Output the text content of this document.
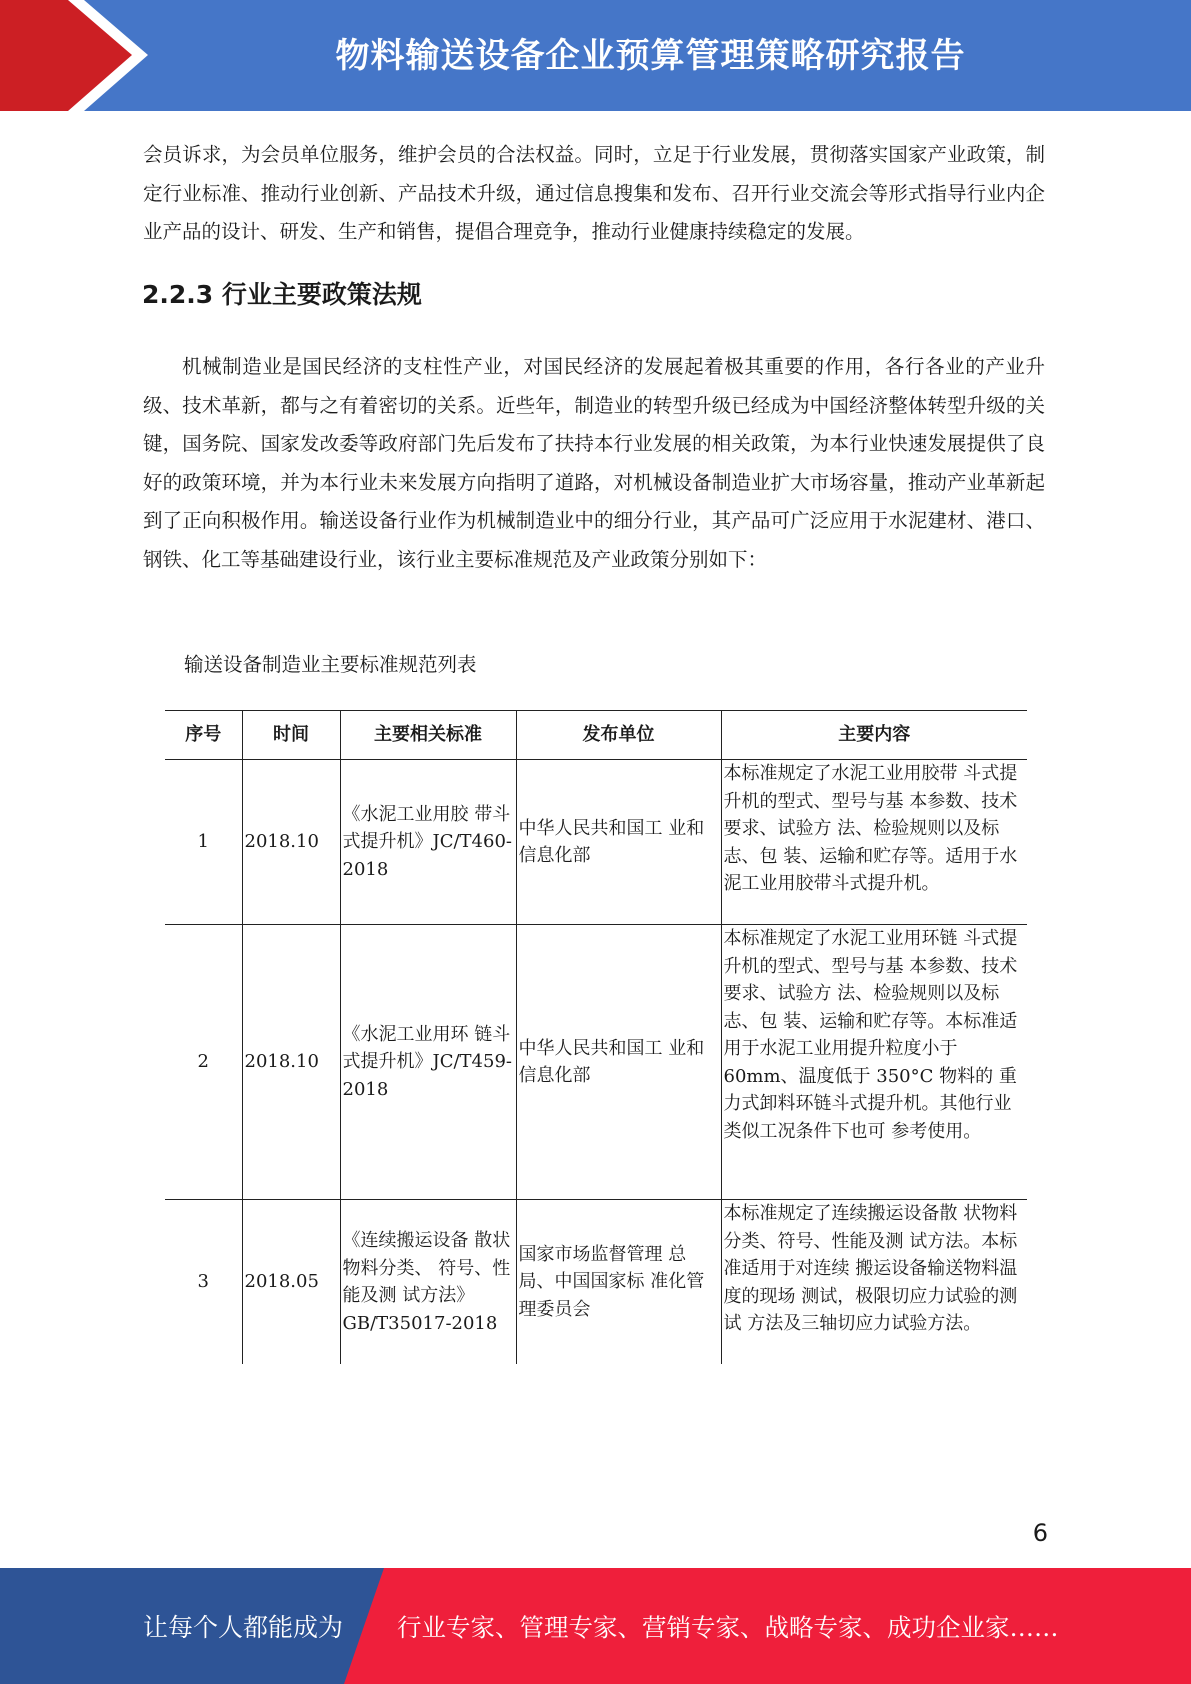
物料输送设备企业预算管理策略研究报告

会员诉求，为会员单位服务，维护会员的合法权益。同时，立足于行业发展，贯彻落实国家产业政策，制定行业标准、推动行业创新、产品技术升级，通过信息搜集和发布、召开行业交流会等形式指导行业内企业产品的设计、研发、生产和销售，提倡合理竞争，推动行业健康持续稳定的发展。

2.2.3 行业主要政策法规

机械制造业是国民经济的支柱性产业，对国民经济的发展起着极其重要的作用，各行各业的产业升级、技术革新，都与之有着密切的关系。近些年，制造业的转型升级已经成为中国经济整体转型升级的关键，国务院、国家发改委等政府部门先后发布了扶持本行业发展的相关政策，为本行业快速发展提供了良好的政策环境，并为本行业未来发展方向指明了道路，对机械设备制造业扩大市场容量，推动产业革新起到了正向积极作用。输送设备行业作为机械制造业中的细分行业，其产品可广泛应用于水泥建材、港口、钢铁、化工等基础建设行业，该行业主要标准规范及产业政策分别如下：

输送设备制造业主要标准规范列表
序号	时间	主要相关标准	发布单位	主要内容
1	2018.10	《水泥工业用胶 带斗式提升机》JC/T460-2018	中华人民共和国工 业和信息化部	本标准规定了水泥工业用胶带 斗式提升机的型式、型号与基 本参数、技术要求、试验方 法、检验规则以及标志、包 装、运输和贮存等。适用于水 泥工业用胶带斗式提升机。
2	2018.10	《水泥工业用环 链斗式提升机》JC/T459-2018	中华人民共和国工 业和信息化部	本标准规定了水泥工业用环链 斗式提升机的型式、型号与基 本参数、技术要求、试验方 法、检验规则以及标志、包 装、运输和贮存等。本标准适 用于水泥工业用提升粒度小于 60mm、温度低于 350°C 物料的 重力式卸料环链斗式提升机。其他行业类似工况条件下也可 参考使用。
3	2018.05	《连续搬运设备 散状物料分类、 符号、性能及测 试方法》GB/T35017-2018	国家市场监督管理 总局、中国国家标 准化管理委员会	本标准规定了连续搬运设备散 状物料分类、符号、性能及测 试方法。本标准适用于对连续 搬运设备输送物料温度的现场 测试，极限切应力试验的测试 方法及三轴切应力试验方法。
6
让每个人都能成为 行业专家、管理专家、营销专家、战略专家、成功企业家……
